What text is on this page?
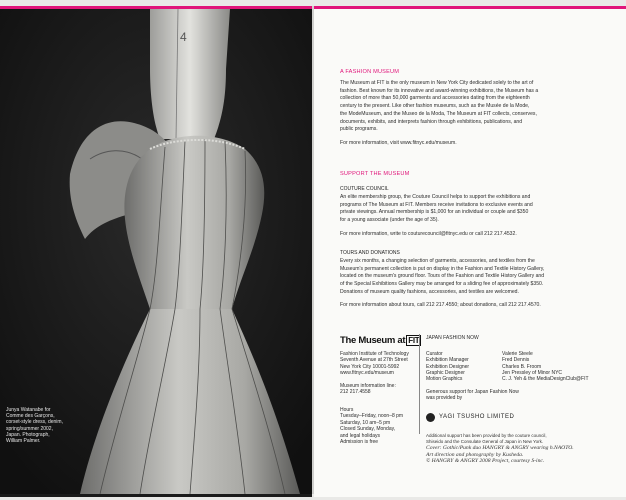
4
Junya Watanabe for
Comme des Garçons,
corset-style dress, denim,
spring/summer 2002,
Japan. Photograph,
William Palmer.
A FASHION MUSEUM
The Museum at FIT is the only museum in New York City dedicated solely to the art of
fashion. Best known for its innovative and award-winning exhibitions, the Museum has a
collection of more than 50,000 garments and accessories dating from the eighteenth
century to the present. Like other fashion museums, such as the Musée de la Mode,
the ModeMuseum, and the Museo de la Moda, The Museum at FIT collects, conserves,
documents, exhibits, and interprets fashion through exhibitions, publications, and
public programs.
For more information, visit www.fitnyc.edu/museum.
SUPPORT THE MUSEUM
COUTURE COUNCIL
An elite membership group, the Couture Council helps to support the exhibitions and
programs of The Museum at FIT. Members receive invitations to exclusive events and
private viewings. Annual membership is $1,000 for an individual or couple and $350
for a young associate (under the age of 35).
For more information, write to couturecouncil@fitnyc.edu or call 212 217.4532.
TOURS AND DONATIONS
Every six months, a changing selection of garments, accessories, and textiles from the
Museum's permanent collection is put on display in the Fashion and Textile History Gallery,
located on the museum's ground floor. Tours of the Fashion and Textile History Gallery and
of the Special Exhibitions Gallery may be arranged for a sliding fee of approximately $350.
Donations of museum quality fashions, accessories, and textiles are welcomed.
For more information about tours, call 212 217.4550; about donations, call 212 217.4570.
The Museum at FIT
Fashion Institute of Technology
Seventh Avenue at 27th Street
New York City 10001-5992
www.fitnyc.edu/museum
Museum information line:
212 217.4558
Hours
Tuesday–Friday, noon–8 pm
Saturday, 10 am–5 pm
Closed Sunday, Monday,
and legal holidays
Admission is free
JAPAN FASHION NOW
Curator	Valerie Steele
Exhibition Manager	Fred Dennis
Exhibition Designer	Charles B. Froom
Graphic Designer	Jen Pressley of Minor NYC
Motion Graphics	C. J. Yeh & the MediaDesignClub@FIT
Generous support for Japan Fashion Now
was provided by
YAGI TSUSHO LIMITED
Additional support has been provided by the couture council,
Shiseido and the Consulate General of Japan in New York.
Cover: Gothic/Punk duo HANGRY & ANGRY wearing h.NAOTO.
Art direction and photography by Kusheda.
© HANGRY & ANGRY 2008 Project, courtesy S-inc.
